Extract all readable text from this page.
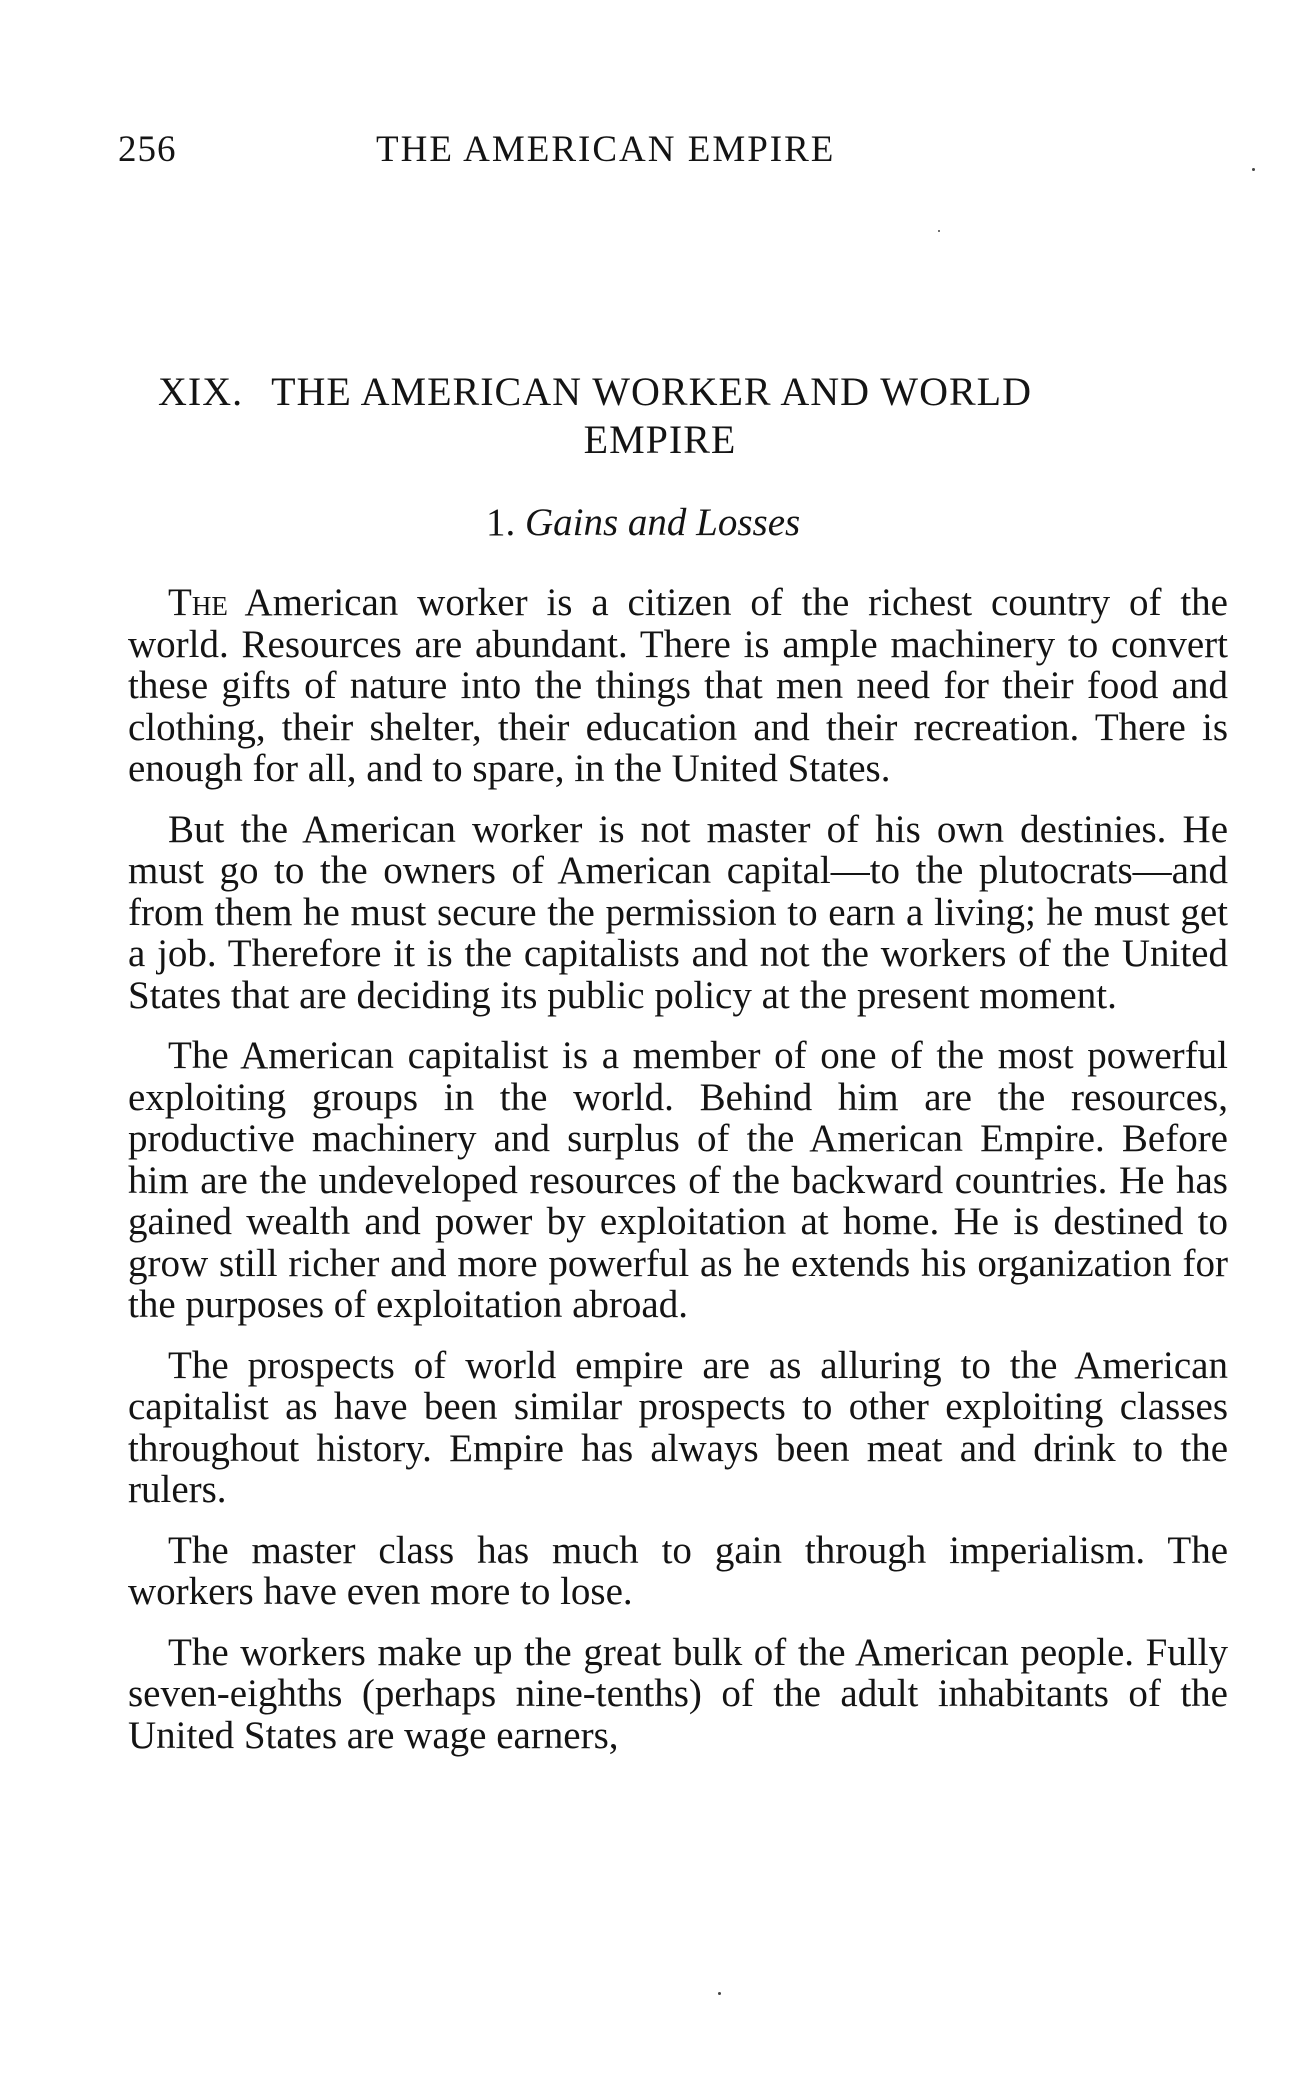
256	THE AMERICAN EMPIRE
XIX. THE AMERICAN WORKER AND WORLD
EMPIRE
1. Gains and Losses

The American worker is a citizen of the richest country of the world. Resources are abundant. There is ample machinery to convert these gifts of nature into the things that men need for their food and clothing, their shelter, their education and their recreation. There is enough for all, and to spare, in the United States.

But the American worker is not master of his own destinies. He must go to the owners of American capital—to the plutocrats—and from them he must secure the permission to earn a living; he must get a job. Therefore it is the capitalists and not the workers of the United States that are deciding its public policy at the present moment.

The American capitalist is a member of one of the most powerful exploiting groups in the world. Behind him are the resources, productive machinery and surplus of the American Empire. Before him are the undeveloped resources of the backward countries. He has gained wealth and power by exploitation at home. He is destined to grow still richer and more powerful as he extends his organization for the purposes of exploitation abroad.

The prospects of world empire are as alluring to the American capitalist as have been similar prospects to other exploiting classes throughout history. Empire has always been meat and drink to the rulers.

The master class has much to gain through imperialism. The workers have even more to lose.

The workers make up the great bulk of the American people. Fully seven-eighths (perhaps nine-tenths) of the adult inhabitants of the United States are wage earners,
